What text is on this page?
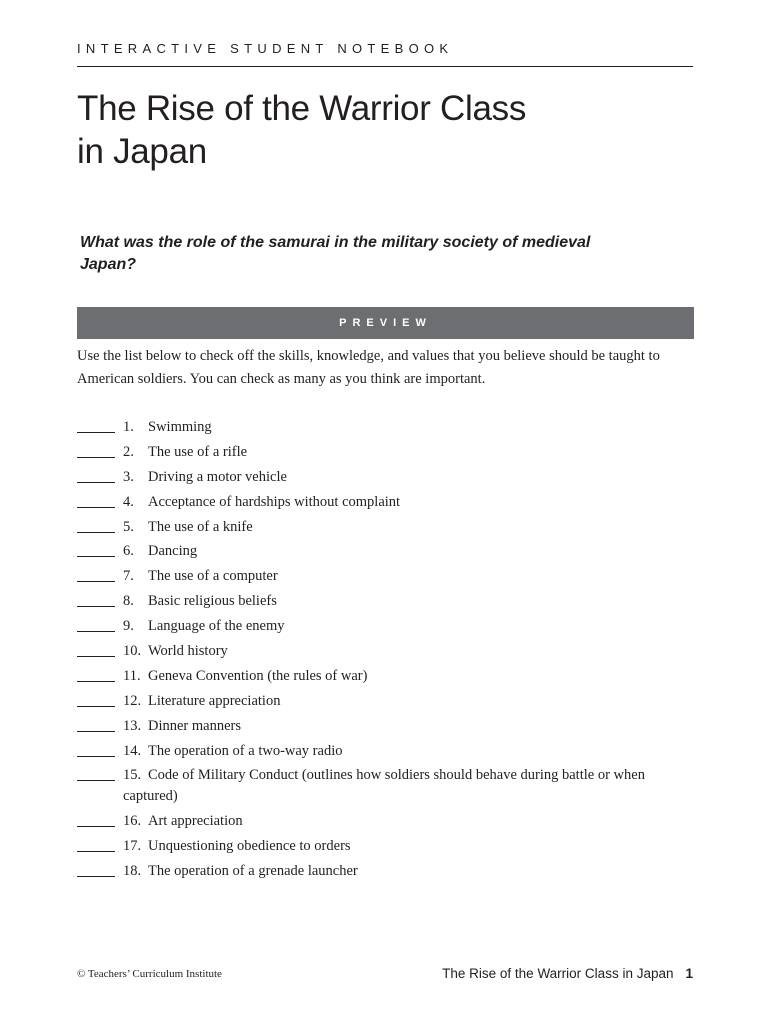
INTERACTIVE STUDENT NOTEBOOK
The Rise of the Warrior Class
in Japan

What was the role of the samurai in the military society of medieval Japan?

PREVIEW

Use the list below to check off the skills, knowledge, and values that you believe should be taught to American soldiers. You can check as many as you think are important.

1. Swimming
2. The use of a rifle
3. Driving a motor vehicle
4. Acceptance of hardships without complaint
5. The use of a knife
6. Dancing
7. The use of a computer
8. Basic religious beliefs
9. Language of the enemy
10. World history
11. Geneva Convention (the rules of war)
12. Literature appreciation
13. Dinner manners
14. The operation of a two-way radio
15. Code of Military Conduct (outlines how soldiers should behave during battle or when captured)
16. Art appreciation
17. Unquestioning obedience to orders
18. The operation of a grenade launcher
© Teachers’ Curriculum Institute	The Rise of the Warrior Class in Japan 1
